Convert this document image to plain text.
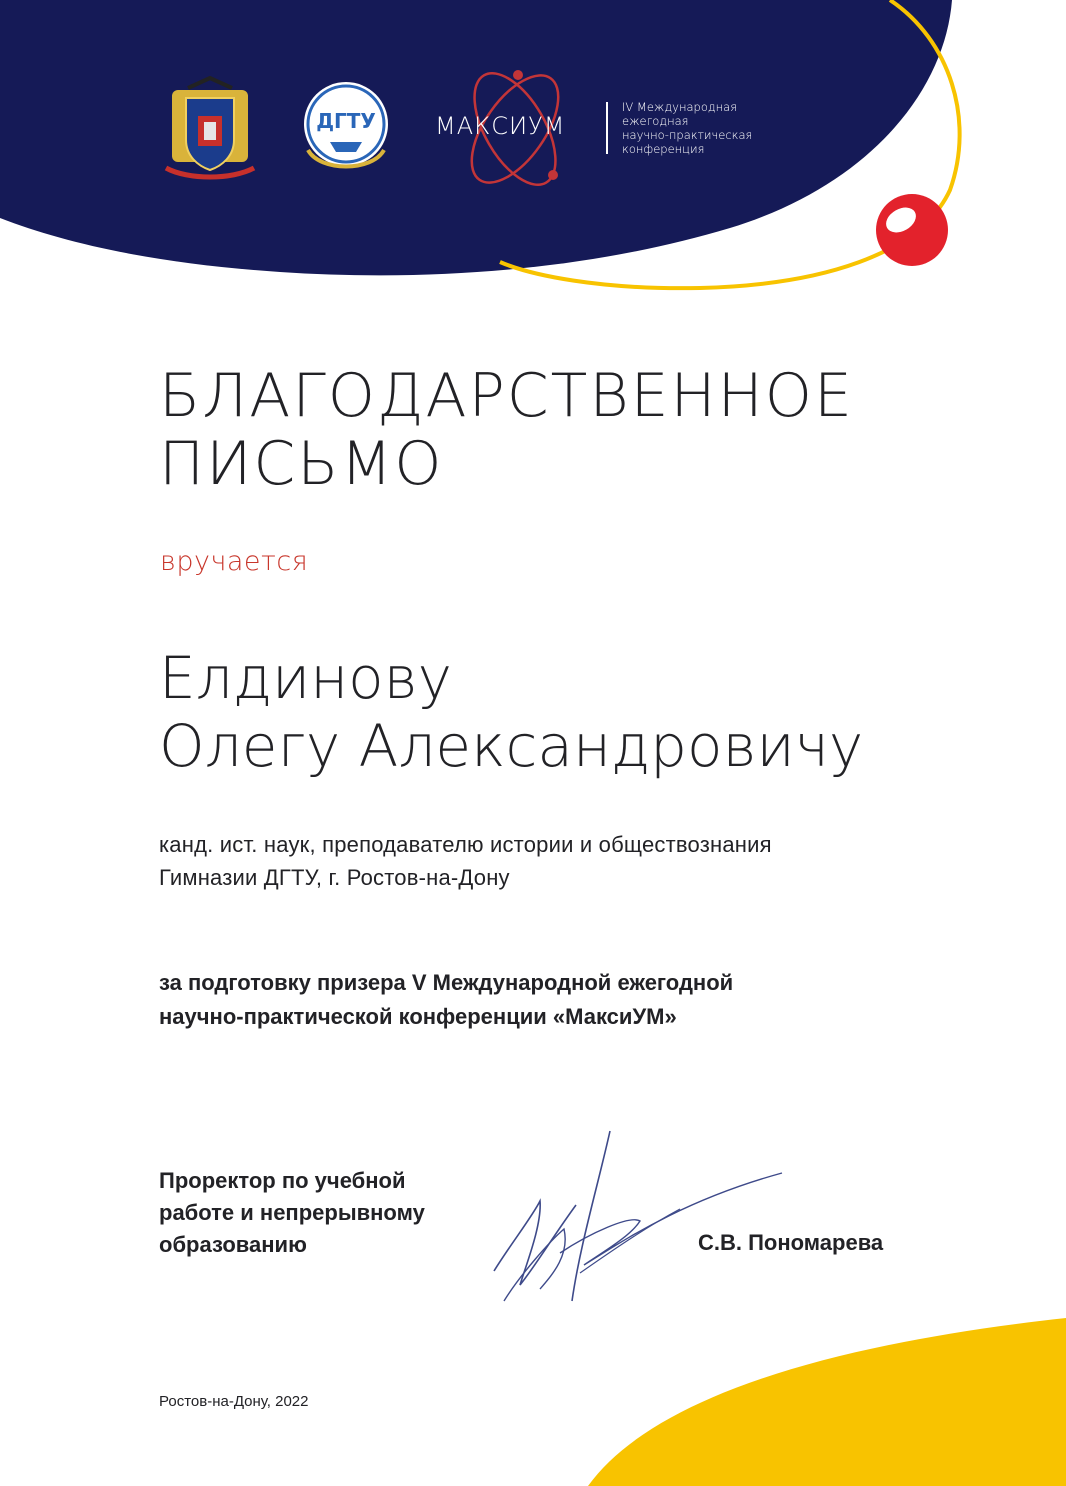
ДГТУ МАКСИУМ
IV Международная
ежегодная
научно-практическая
конференция
БЛАГОДАРСТВЕННОЕ
ПИСЬМО
вручается
Елдинову
Олегу Александровичу
канд. ист. наук, преподавателю истории и обществознания
Гимназии ДГТУ, г. Ростов-на-Дону
за подготовку призера V Международной ежегодной
научно-практической конференции «МаксиУМ»
Проректор по учебной
работе и непрерывному
образованию	С.В. Пономарева
Ростов-на-Дону, 2022
